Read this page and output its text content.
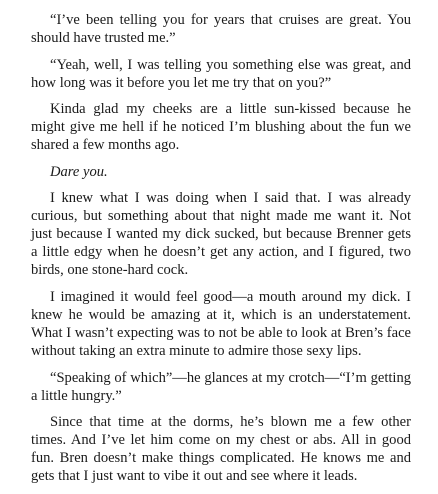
“I’ve been telling you for years that cruises are great. You should have trusted me.”

“Yeah, well, I was telling you something else was great, and how long was it before you let me try that on you?”

Kinda glad my cheeks are a little sun-kissed because he might give me hell if he noticed I’m blushing about the fun we shared a few months ago.

Dare you.

I knew what I was doing when I said that. I was already curious, but something about that night made me want it. Not just because I wanted my dick sucked, but because Brenner gets a little edgy when he doesn’t get any action, and I figured, two birds, one stone-hard cock.

I imagined it would feel good—a mouth around my dick. I knew he would be amazing at it, which is an understatement. What I wasn’t expecting was to not be able to look at Bren’s face without taking an extra minute to admire those sexy lips.

“Speaking of which”—he glances at my crotch—“I’m getting a little hungry.”

Since that time at the dorms, he’s blown me a few other times. And I’ve let him come on my chest or abs. All in good fun. Bren doesn’t make things complicated. He knows me and gets that I just want to vibe it out and see where it leads.
